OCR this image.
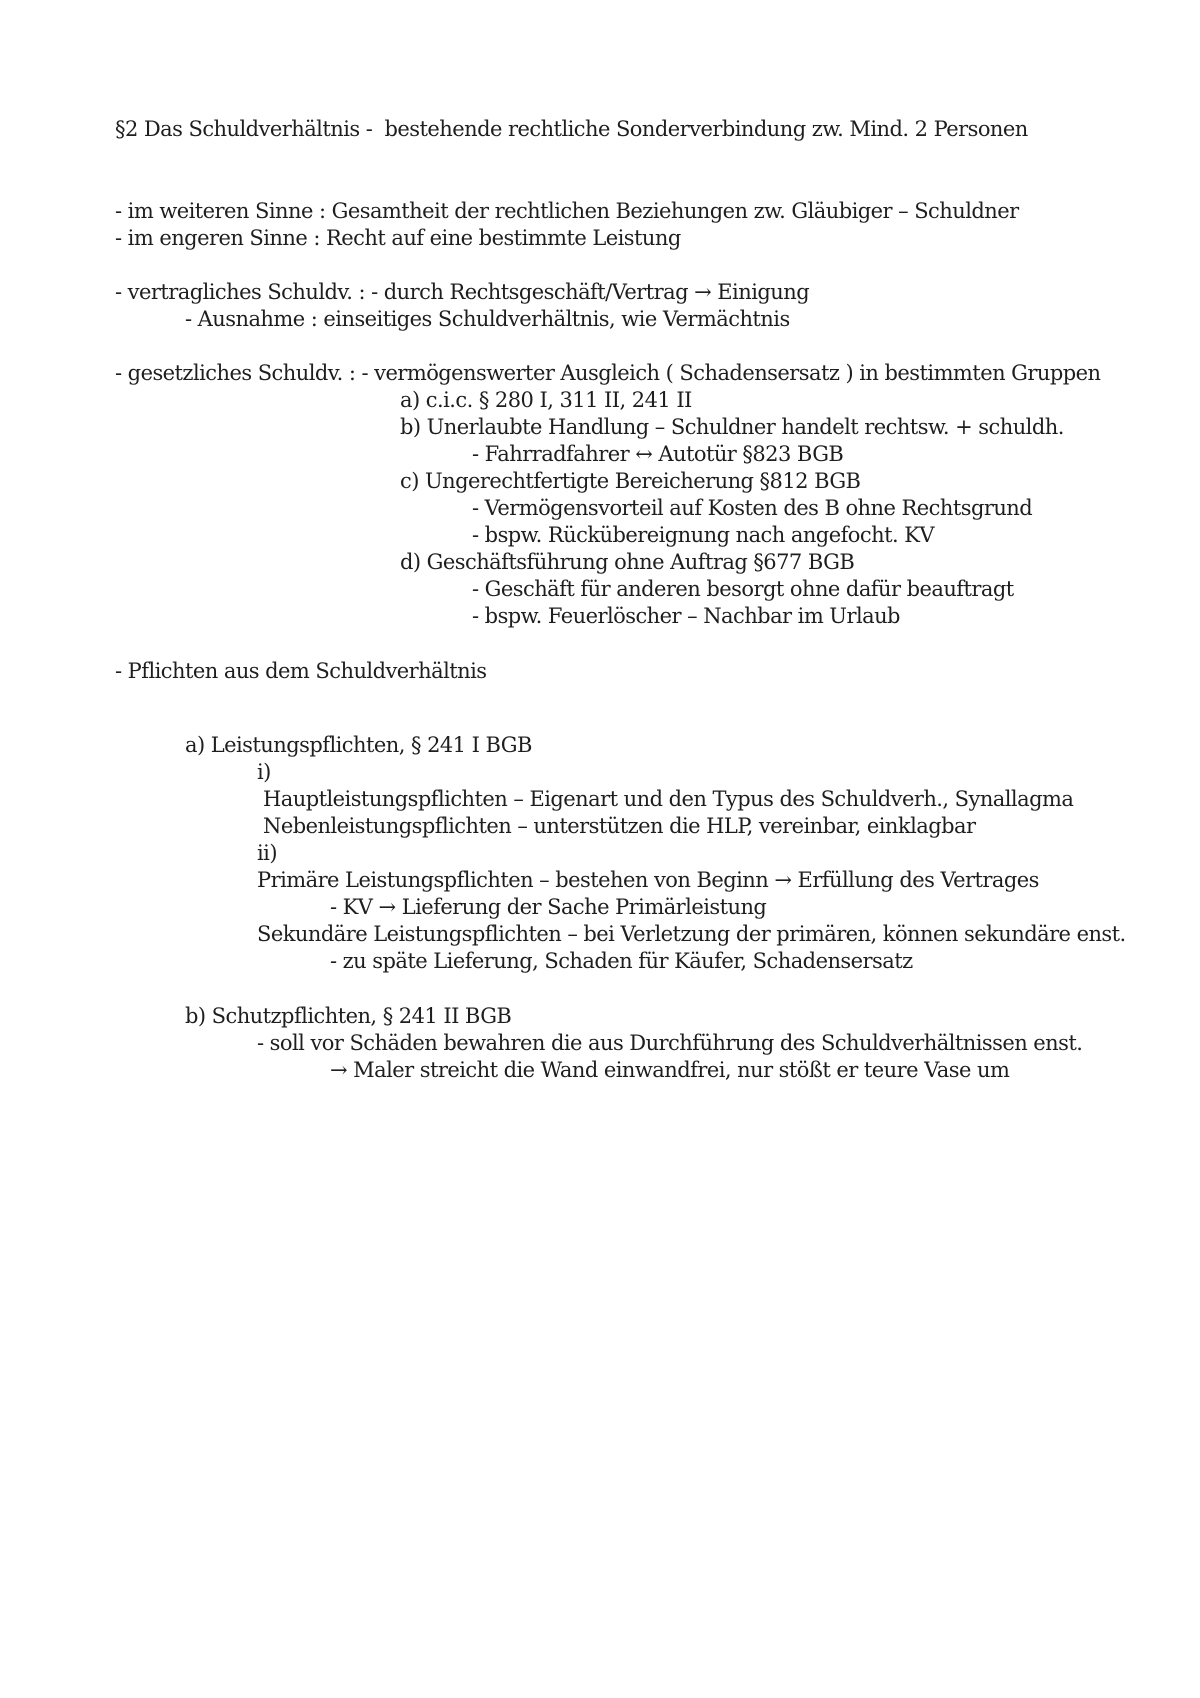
§2 Das Schuldverhältnis -  bestehende rechtliche Sonderverbindung zw. Mind. 2 Personen
- im weiteren Sinne : Gesamtheit der rechtlichen Beziehungen zw. Gläubiger – Schuldner
- im engeren Sinne : Recht auf eine bestimmte Leistung
- vertragliches Schuldv. : - durch Rechtsgeschäft/Vertrag → Einigung
- Ausnahme : einseitiges Schuldverhältnis, wie Vermächtnis
- gesetzliches Schuldv. : - vermögenswerter Ausgleich ( Schadensersatz ) in bestimmten Gruppen
a) c.i.c. § 280 I, 311 II, 241 II
b) Unerlaubte Handlung – Schuldner handelt rechtsw. + schuldh.
- Fahrradfahrer ↔ Autotür §823 BGB
c) Ungerechtfertigte Bereicherung §812 BGB
- Vermögensvorteil auf Kosten des B ohne Rechtsgrund
- bspw. Rückübereignung nach angefocht. KV
d) Geschäftsführung ohne Auftrag §677 BGB
- Geschäft für anderen besorgt ohne dafür beauftragt
- bspw. Feuerlöscher – Nachbar im Urlaub
- Pflichten aus dem Schuldverhältnis
a) Leistungspflichten, § 241 I BGB
i)
Hauptleistungspflichten – Eigenart und den Typus des Schuldverh., Synallagma
Nebenleistungspflichten – unterstützen die HLP, vereinbar, einklagbar
ii)
Primäre Leistungspflichten – bestehen von Beginn → Erfüllung des Vertrages
- KV → Lieferung der Sache Primärleistung
Sekundäre Leistungspflichten – bei Verletzung der primären, können sekundäre enst.
- zu späte Lieferung, Schaden für Käufer, Schadensersatz
b) Schutzpflichten, § 241 II BGB
- soll vor Schäden bewahren die aus Durchführung des Schuldverhältnissen enst.
→ Maler streicht die Wand einwandfrei, nur stößt er teure Vase um
